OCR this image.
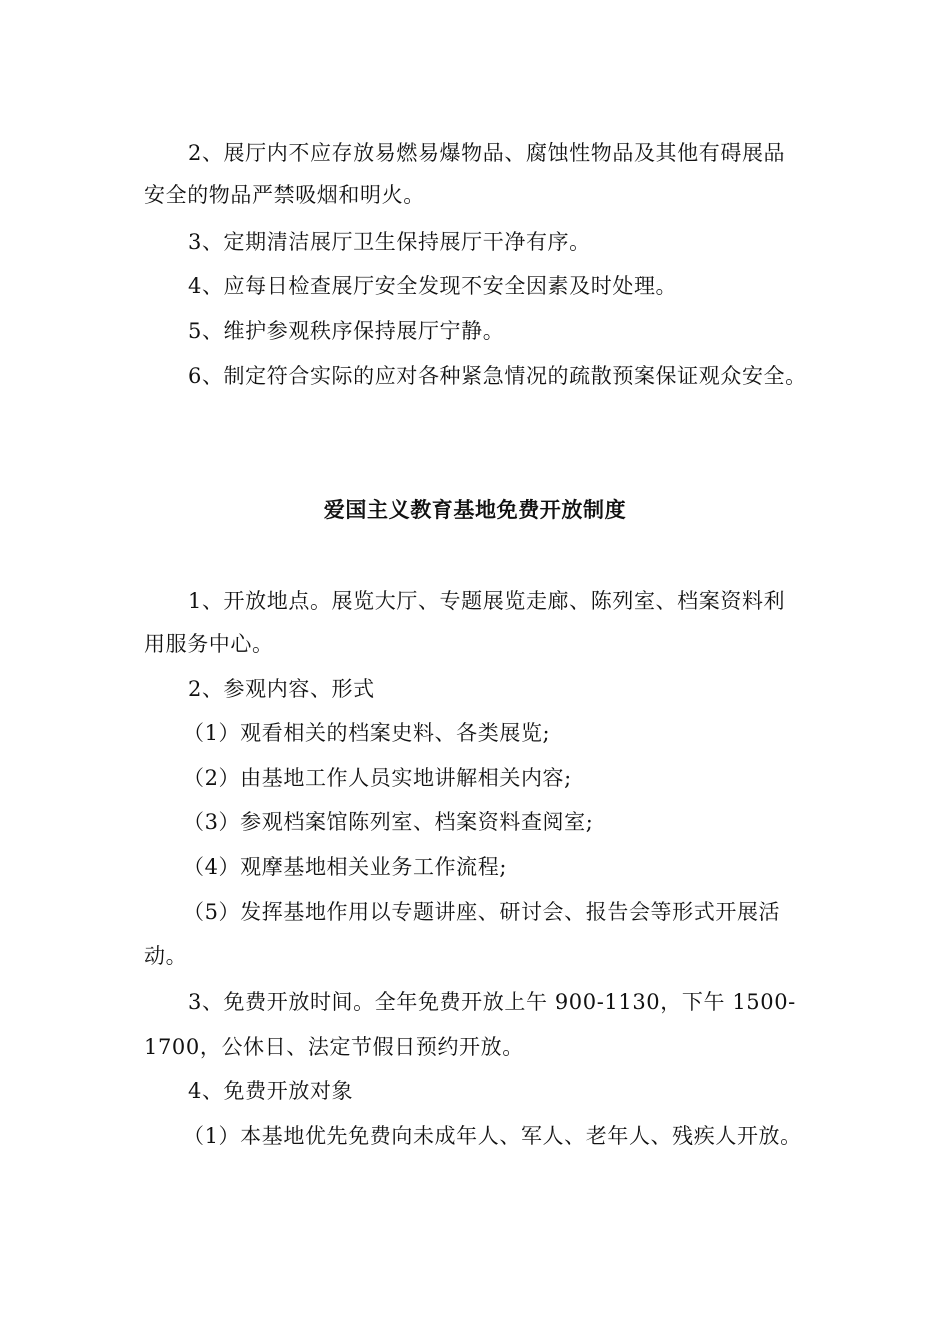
2、展厅内不应存放易燃易爆物品、腐蚀性物品及其他有碍展品
安全的物品严禁吸烟和明火。
3、定期清洁展厅卫生保持展厅干净有序。
4、应每日检查展厅安全发现不安全因素及时处理。
5、维护参观秩序保持展厅宁静。
6、制定符合实际的应对各种紧急情况的疏散预案保证观众安全。
爱国主义教育基地免费开放制度
1、开放地点。展览大厅、专题展览走廊、陈列室、档案资料利
用服务中心。
2、参观内容、形式
（1）观看相关的档案史料、各类展览;
（2）由基地工作人员实地讲解相关内容;
（3）参观档案馆陈列室、档案资料查阅室;
（4）观摩基地相关业务工作流程;
（5）发挥基地作用以专题讲座、研讨会、报告会等形式开展活
动。
3、免费开放时间。全年免费开放上午 900-1130，下午 1500-
1700，公休日、法定节假日预约开放。
4、免费开放对象
（1）本基地优先免费向未成年人、军人、老年人、残疾人开放。
